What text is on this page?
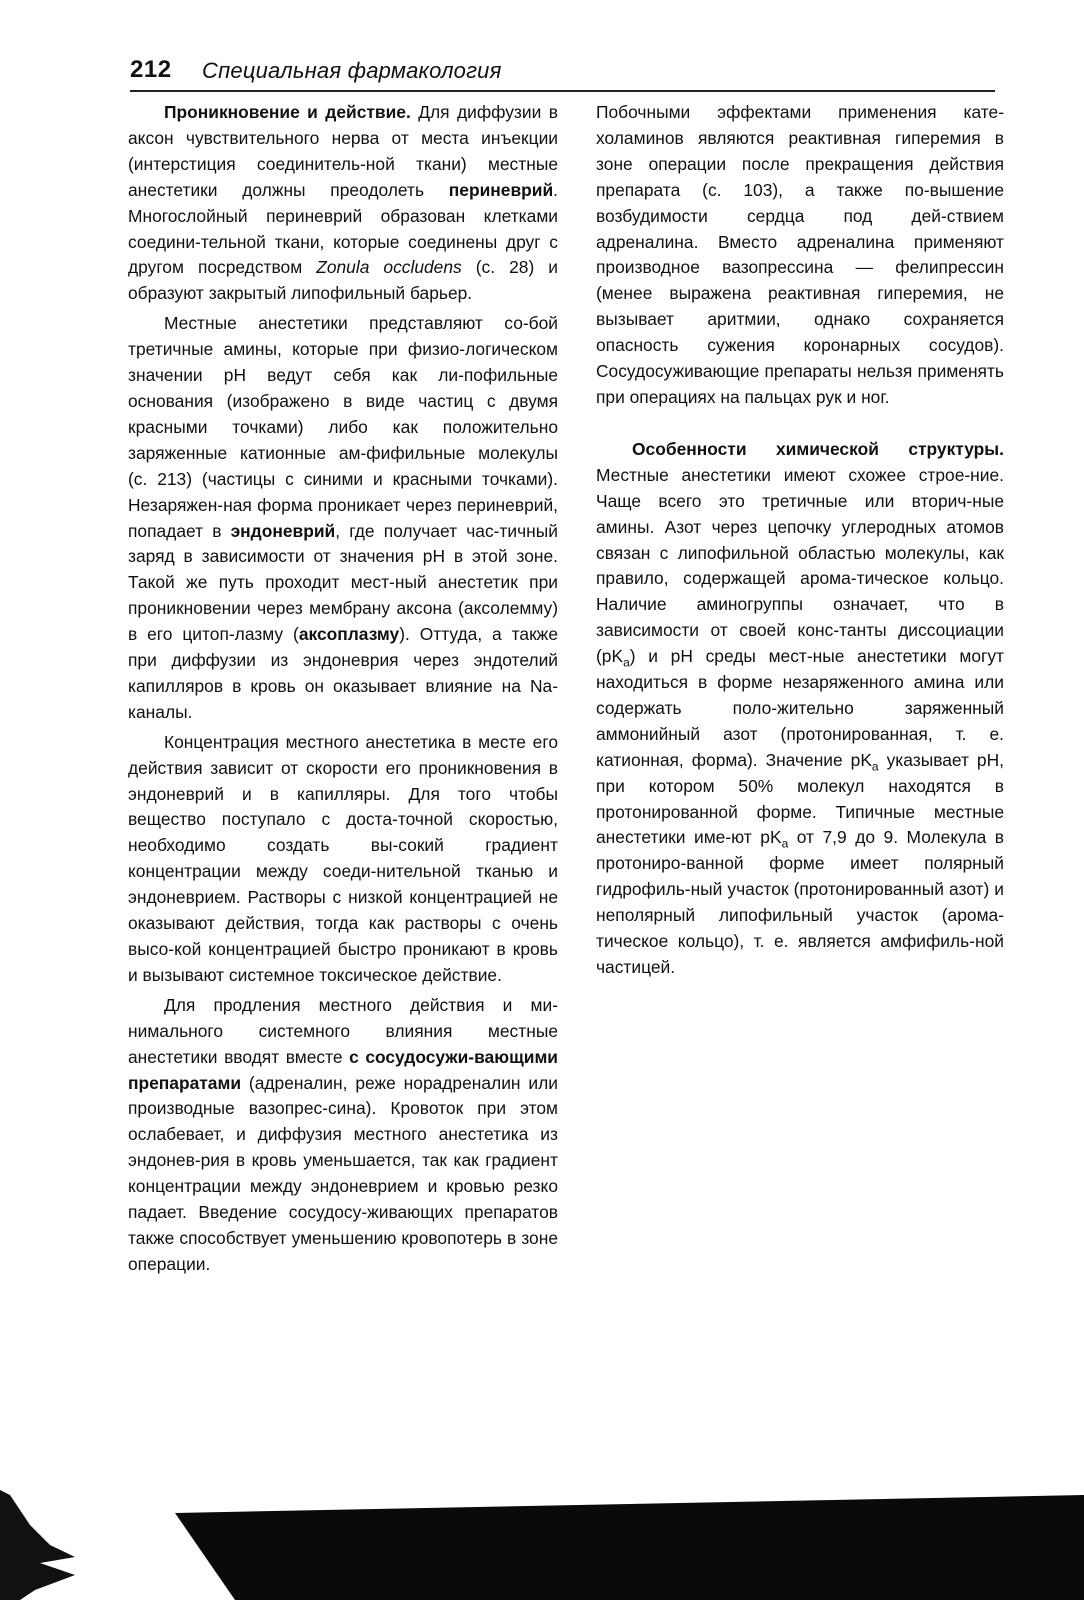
212 Специальная фармакология

Проникновение и действие. Для диффузии в аксон чувствительного нерва от места инъекции (интерстиция соединитель-ной ткани) местные анестетики должны преодолеть периневрий. Многослойный периневрий образован клетками соедини-тельной ткани, которые соединены друг с другом посредством Zonula occludens (с. 28) и образуют закрытый липофильный барьер.

Местные анестетики представляют со-бой третичные амины, которые при физио-логическом значении рН ведут себя как ли-пофильные основания (изображено в виде частиц с двумя красными точками) либо как положительно заряженные катионные ам-фифильные молекулы (с. 213) (частицы с синими и красными точками). Незаряжен-ная форма проникает через периневрий, попадает в эндоневрий, где получает час-тичный заряд в зависимости от значения рН в этой зоне. Такой же путь проходит мест-ный анестетик при проникновении через мембрану аксона (аксолемму) в его цитоп-лазму (аксоплазму). Оттуда, а также при диффузии из эндоневрия через эндотелий капилляров в кровь он оказывает влияние на Na-каналы.

Концентрация местного анестетика в месте его действия зависит от скорости его проникновения в эндоневрий и в капилляры. Для того чтобы вещество поступало с доста-точной скоростью, необходимо создать вы-сокий градиент концентрации между соеди-нительной тканью и эндоневрием. Растворы с низкой концентрацией не оказывают действия, тогда как растворы с очень высо-кой концентрацией быстро проникают в кровь и вызывают системное токсическое действие.

Для продления местного действия и ми-нимального системного влияния местные анестетики вводят вместе с сосудосужи-вающими препаратами (адреналин, реже норадреналин или производные вазопрес-сина). Кровоток при этом ослабевает, и диффузия местного анестетика из эндонев-рия в кровь уменьшается, так как градиент концентрации между эндоневрием и кровью резко падает. Введение сосудосу-живающих препаратов также способствует уменьшению кровопотерь в зоне операции.

Побочными эффектами применения кате-холаминов являются реактивная гиперемия в зоне операции после прекращения действия препарата (с. 103), а также по-вышение возбудимости сердца под дей-ствием адреналина. Вместо адреналина применяют производное вазопрессина — фелипрессин (менее выражена реактивная гиперемия, не вызывает аритмии, однако сохраняется опасность сужения коронарных сосудов). Сосудосуживающие препараты нельзя применять при операциях на пальцах рук и ног.

Особенности химической структуры. Местные анестетики имеют схожее строе-ние. Чаще всего это третичные или вторич-ные амины. Азот через цепочку углеродных атомов связан с липофильной областью молекулы, как правило, содержащей арома-тическое кольцо. Наличие аминогруппы означает, что в зависимости от своей конс-танты диссоциации $(pK_a)$ и pH среды мест-ные анестетики могут находиться в форме незаряженного амина или содержать поло-жительно заряженный аммонийный азот (протонированная, т. е. катионная, форма). Значение $pK_a$ указывает pH, при котором 50% молекул находятся в протонированной форме. Типичные местные анестетики име-ют $pK_a$ от 7,9 до 9. Молекула в протониро-ванной форме имеет полярный гидрофиль-ный участок (протонированный азот) и неполярный липофильный участок (арома-тическое кольцо), т. е. является амфифиль-ной частицей.
